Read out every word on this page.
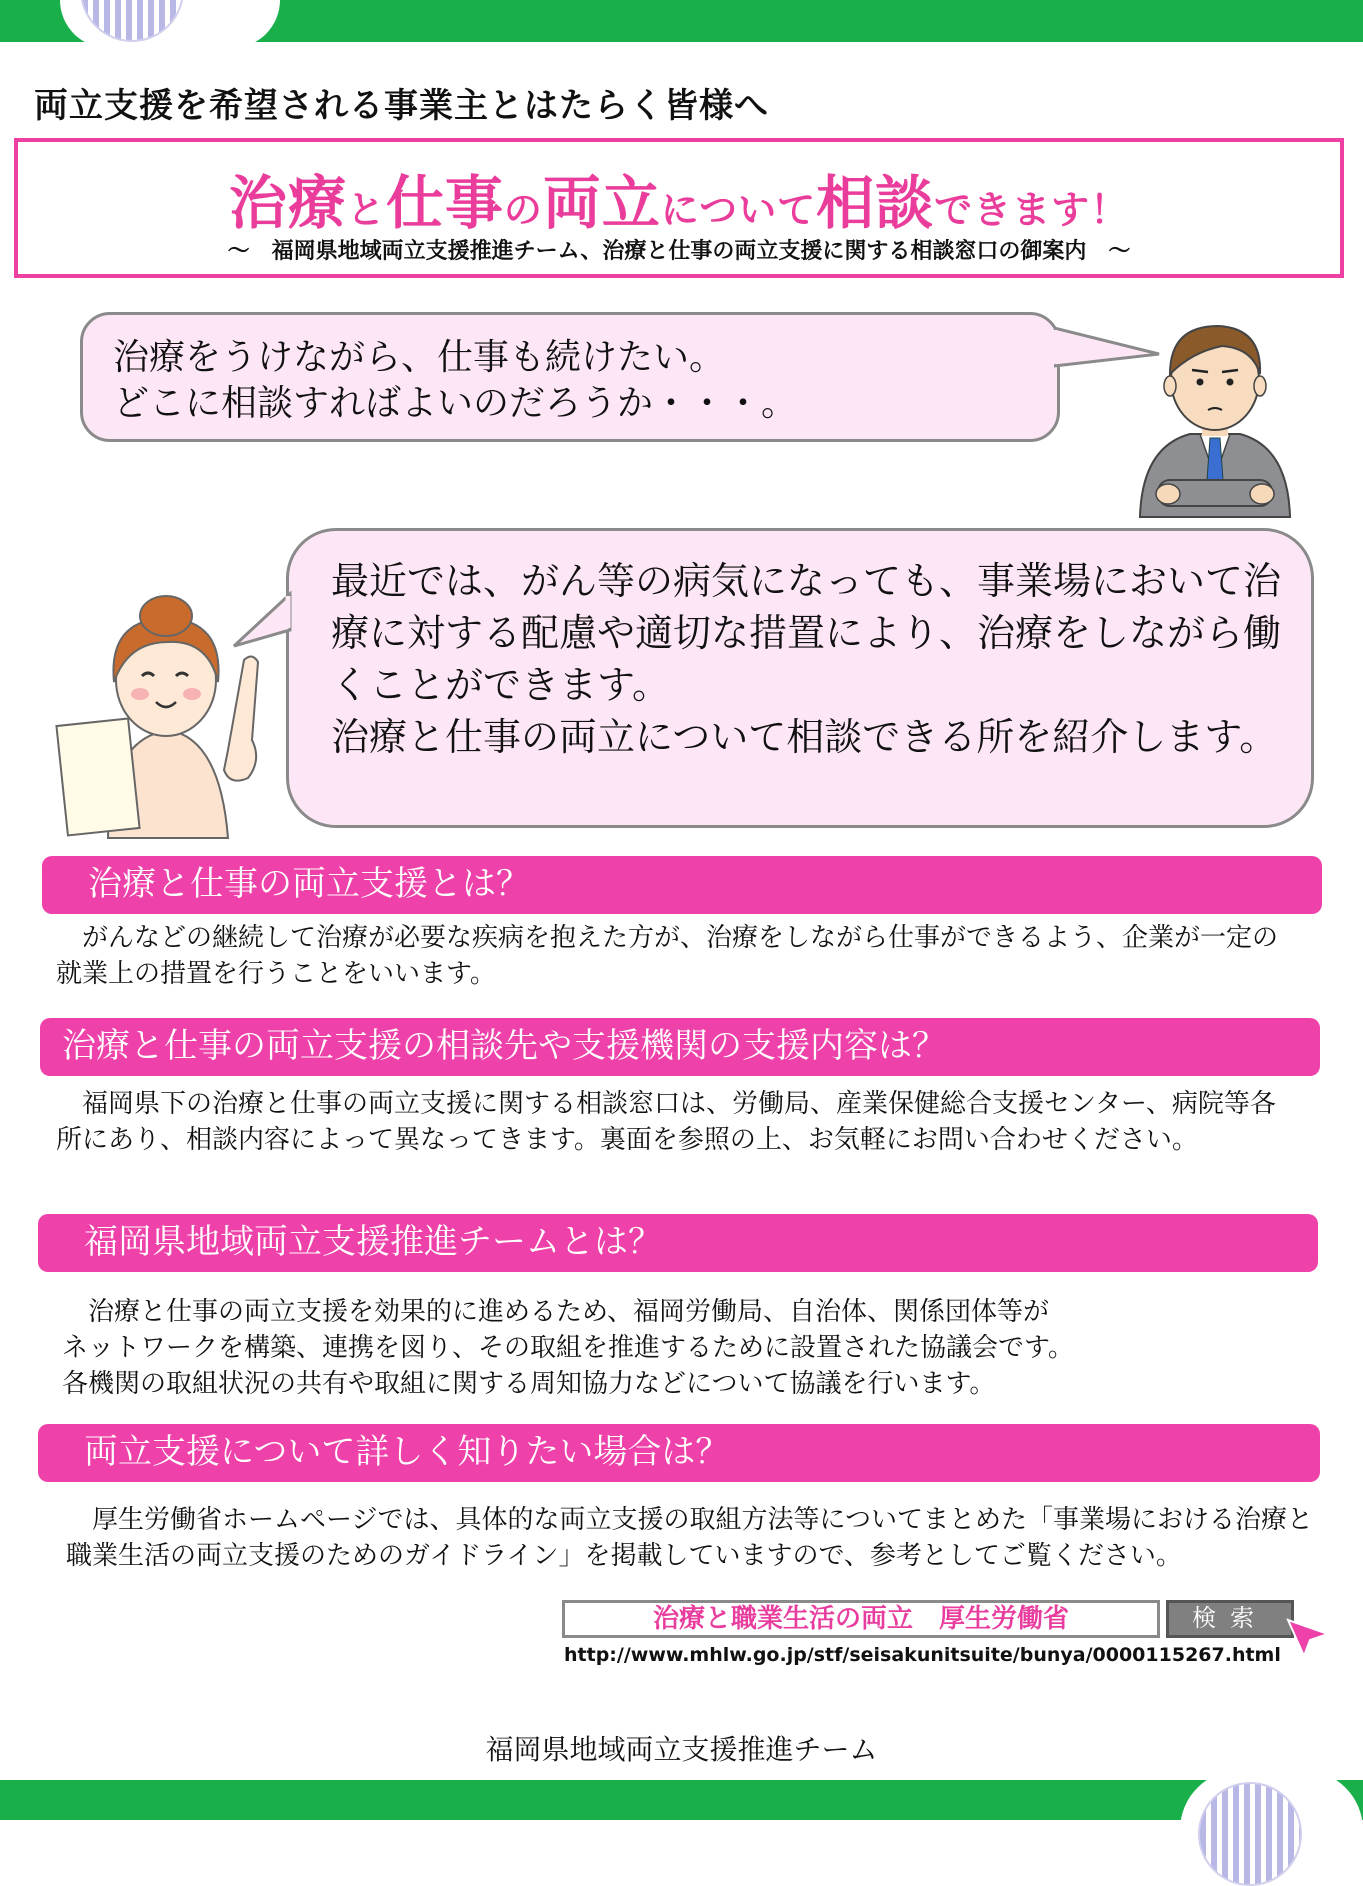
両立支援を希望される事業主とはたらく皆様へ
治療と仕事の両立について相談できます！
～　福岡県地域両立支援推進チーム、治療と仕事の両立支援に関する相談窓口の御案内　～
治療をうけながら、仕事も続けたい。
どこに相談すればよいのだろうか・・・。
最近では、がん等の病気になっても、事業場において治療に対する配慮や適切な措置により、治療をしながら働くことができます。
治療と仕事の両立について相談できる所を紹介します。
治療と仕事の両立支援とは？
　がんなどの継続して治療が必要な疾病を抱えた方が、治療をしながら仕事ができるよう、企業が一定の就業上の措置を行うことをいいます。
治療と仕事の両立支援の相談先や支援機関の支援内容は？
　福岡県下の治療と仕事の両立支援に関する相談窓口は、労働局、産業保健総合支援センター、病院等各所にあり、相談内容によって異なってきます。裏面を参照の上、お気軽にお問い合わせください。
福岡県地域両立支援推進チームとは？
　治療と仕事の両立支援を効果的に進めるため、福岡労働局、自治体、関係団体等が
ネットワークを構築、連携を図り、その取組を推進するために設置された協議会です。
各機関の取組状況の共有や取組に関する周知協力などについて協議を行います。
両立支援について詳しく知りたい場合は？
　厚生労働省ホームページでは、具体的な両立支援の取組方法等についてまとめた「事業場における治療と職業生活の両立支援のためのガイドライン」を掲載していますので、参考としてご覧ください。
治療と職業生活の両立　厚生労働省	検索
http://www.mhlw.go.jp/stf/seisakunitsuite/bunya/0000115267.html
福岡県地域両立支援推進チーム
